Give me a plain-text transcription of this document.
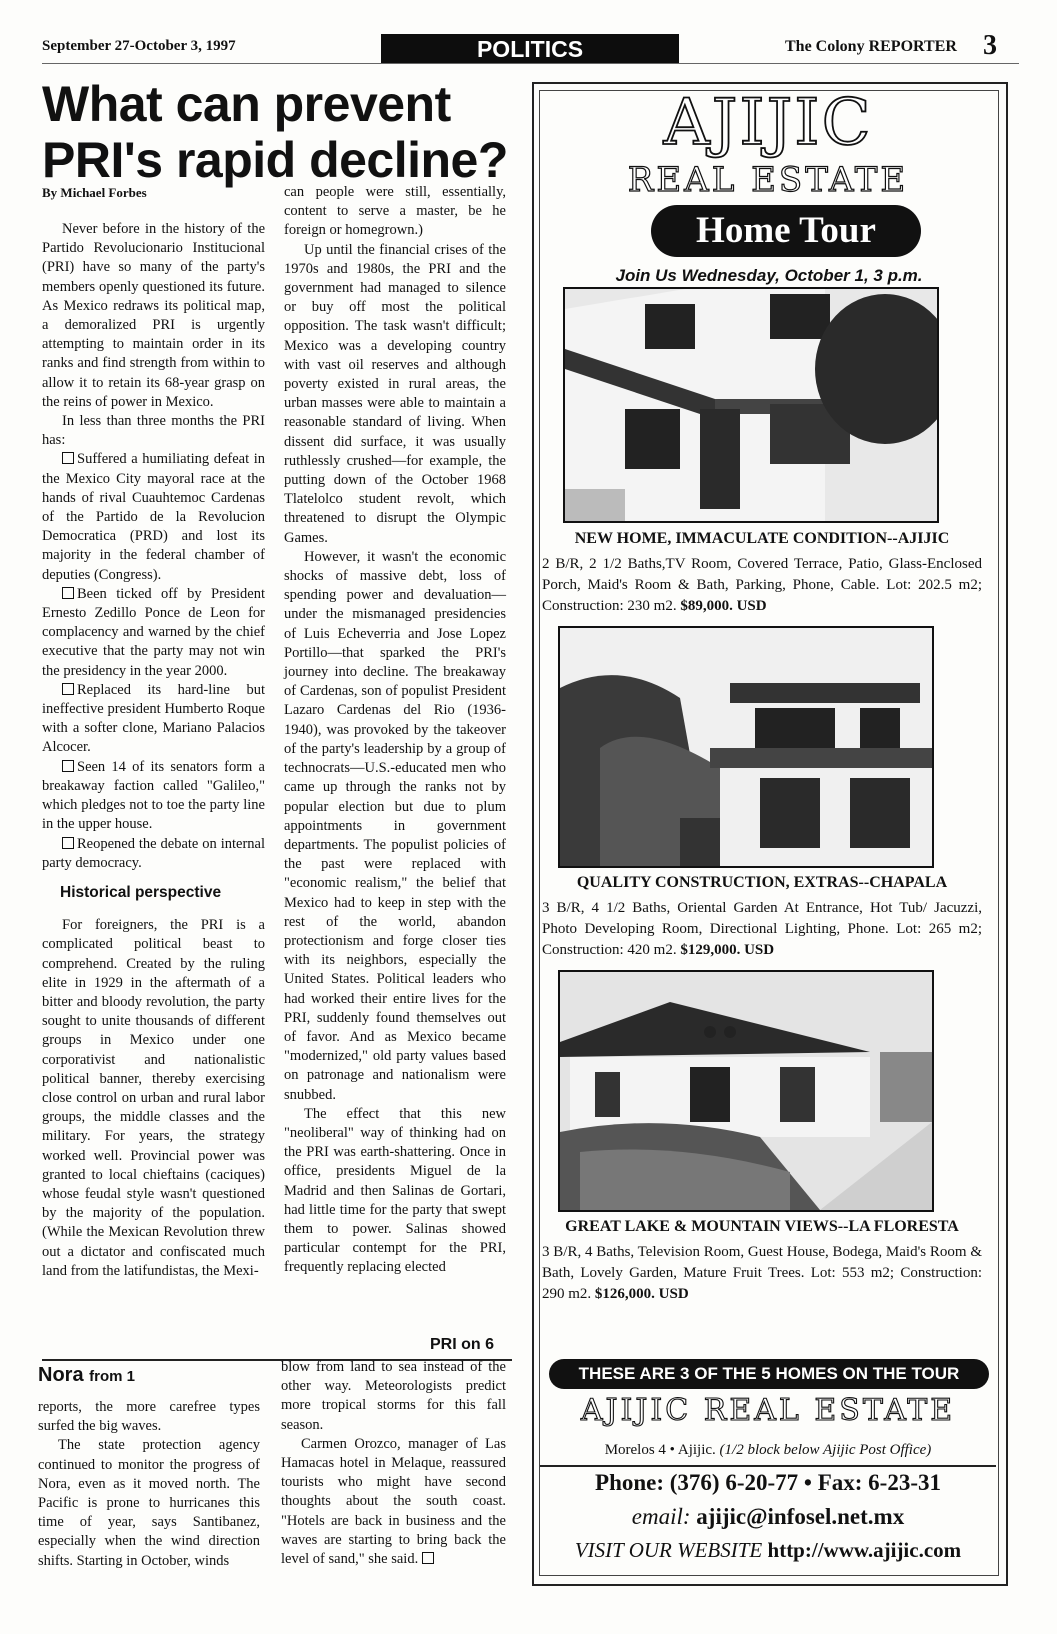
September 27-October 3, 1997	POLITICS	The Colony REPORTER 3
What can prevent PRI's rapid decline?
By Michael Forbes

Never before in the history of the Partido Revolucionario Institucional (PRI) have so many of the party's members openly questioned its future. As Mexico redraws its political map, a demoralized PRI is urgently attempting to maintain order in its ranks and find strength from within to allow it to retain its 68-year grasp on the reins of power in Mexico.

In less than three months the PRI has:

Suffered a humiliating defeat in the Mexico City mayoral race at the hands of rival Cuauhtemoc Cardenas of the Partido de la Revolucion Democratica (PRD) and lost its majority in the federal chamber of deputies (Congress).

Been ticked off by President Ernesto Zedillo Ponce de Leon for complacency and warned by the chief executive that the party may not win the presidency in the year 2000.

Replaced its hard-line but ineffective president Humberto Roque with a softer clone, Mariano Palacios Alcocer.

Seen 14 of its senators form a breakaway faction called "Galileo," which pledges not to toe the party line in the upper house.

Reopened the debate on internal party democracy.

Historical perspective

For foreigners, the PRI is a complicated political beast to comprehend. Created by the ruling elite in 1929 in the aftermath of a bitter and bloody revolution, the party sought to unite thousands of different groups in Mexico under one corporativist and nationalistic political banner, thereby exercising close control on urban and rural labor groups, the middle classes and the military. For years, the strategy worked well. Provincial power was granted to local chieftains (caciques) whose feudal style wasn't questioned by the majority of the population. (While the Mexican Revolution threw out a dictator and confiscated much land from the latifundistas, the Mexi-

can people were still, essentially, content to serve a master, be he foreign or homegrown.)

Up until the financial crises of the 1970s and 1980s, the PRI and the government had managed to silence or buy off most the political opposition. The task wasn't difficult; Mexico was a developing country with vast oil reserves and although poverty existed in rural areas, the urban masses were able to maintain a reasonable standard of living. When dissent did surface, it was usually ruthlessly crushed—for example, the putting down of the October 1968 Tlatelolco student revolt, which threatened to disrupt the Olympic Games.

However, it wasn't the economic shocks of massive debt, loss of spending power and devaluation—under the mismanaged presidencies of Luis Echeverria and Jose Lopez Portillo—that sparked the PRI's journey into decline. The breakaway of Cardenas, son of populist President Lazaro Cardenas del Rio (1936-1940), was provoked by the takeover of the party's leadership by a group of technocrats—U.S.-educated men who came up through the ranks not by popular election but due to plum appointments in government departments. The populist policies of the past were replaced with "economic realism," the belief that Mexico had to keep in step with the rest of the world, abandon protectionism and forge closer ties with its neighbors, especially the United States. Political leaders who had worked their entire lives for the PRI, suddenly found themselves out of favor. And as Mexico became "modernized," old party values based on patronage and nationalism were snubbed.

The effect that this new "neoliberal" way of thinking had on the PRI was earth-shattering. Once in office, presidents Miguel de la Madrid and then Salinas de Gortari, had little time for the party that swept them to power. Salinas showed particular contempt for the PRI, frequently replacing elected

PRI on 6
Nora from 1

reports, the more carefree types surfed the big waves.

The state protection agency continued to monitor the progress of Nora, even as it moved north. The Pacific is prone to hurricanes this time of year, says Santibanez, especially when the wind direction shifts. Starting in October, winds

blow from land to sea instead of the other way. Meteorologists predict more tropical storms for this fall season.

Carmen Orozco, manager of Las Hamacas hotel in Melaque, reassured tourists who might have second thoughts about the south coast. "Hotels are back in business and the waves are starting to bring back the level of sand," she said.

AJIJIC
REAL ESTATE
Home Tour
Join Us Wednesday, October 1, 3 p.m.
NEW HOME, IMMACULATE CONDITION--AJIJIC
2 B/R, 2 1/2 Baths,TV Room, Covered Terrace, Patio, Glass-Enclosed Porch, Maid's Room & Bath, Parking, Phone, Cable. Lot: 202.5 m2; Construction: 230 m2. $89,000. USD
QUALITY CONSTRUCTION, EXTRAS--CHAPALA
3 B/R, 4 1/2 Baths, Oriental Garden At Entrance, Hot Tub/ Jacuzzi, Photo Developing Room, Directional Lighting, Phone. Lot: 265 m2; Construction: 420 m2. $129,000. USD
GREAT LAKE & MOUNTAIN VIEWS--LA FLORESTA
3 B/R, 4 Baths, Television Room, Guest House, Bodega, Maid's Room & Bath, Lovely Garden, Mature Fruit Trees. Lot: 553 m2; Construction: 290 m2. $126,000. USD
THESE ARE 3 OF THE 5 HOMES ON THE TOUR
AJIJIC REAL ESTATE
Morelos 4 • Ajijic. (1/2 block below Ajijic Post Office)
Phone: (376) 6-20-77 • Fax: 6-23-31
email: ajijic@infosel.net.mx
VISIT OUR WEBSITE http://www.ajijic.com
